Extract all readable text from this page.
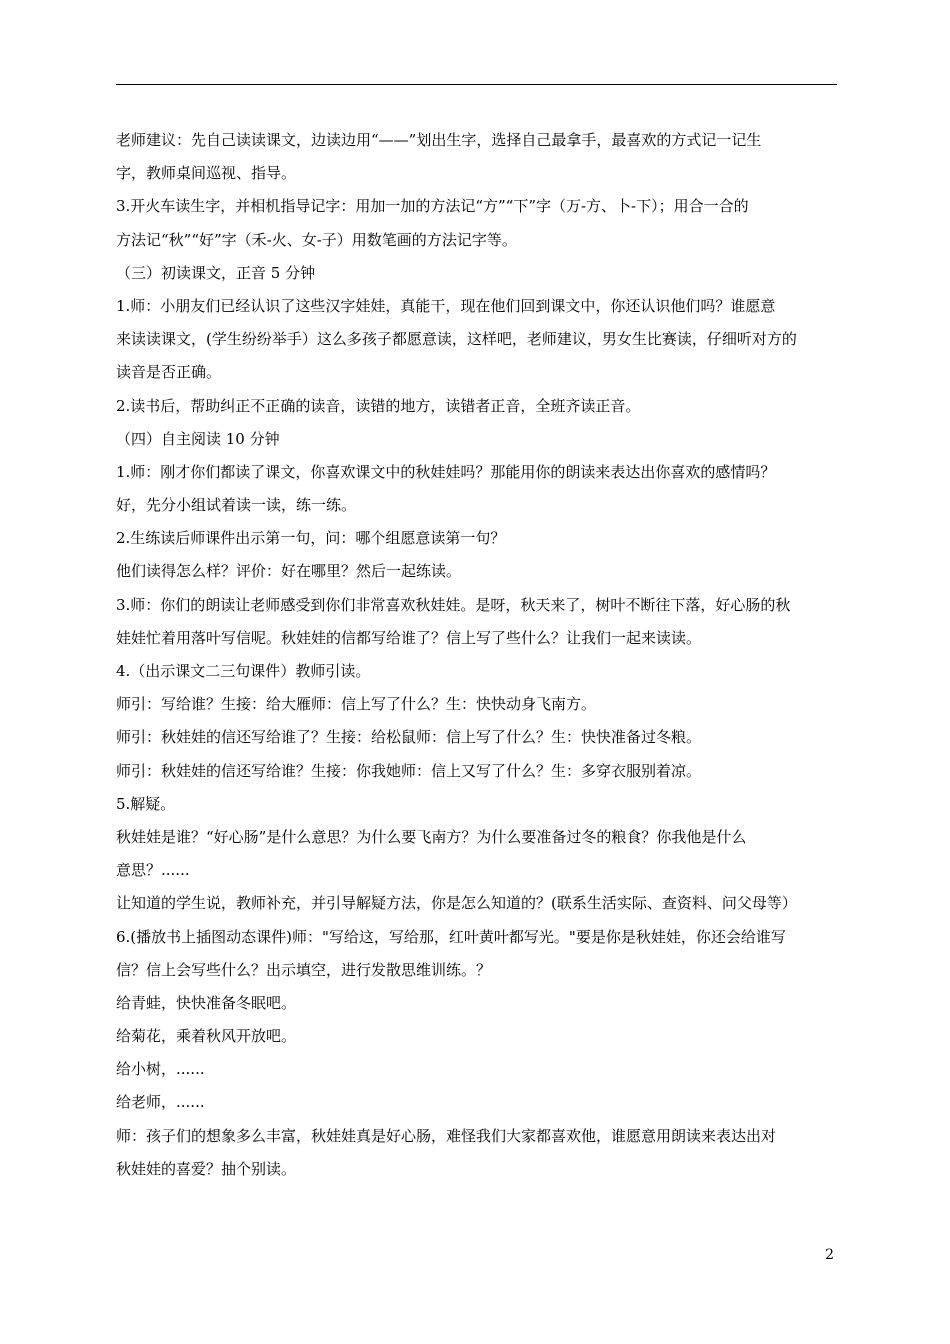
老师建议：先自己读读课文，边读边用“——”划出生字，选择自己最拿手，最喜欢的方式记一记生
字，教师桌间巡视、指导。
3.开火车读生字，并相机指导记字：用加一加的方法记“方”“下”字（万-方、卜-下）；用合一合的
方法记“秋”“好”字（禾-火、女-子）用数笔画的方法记字等。
（三）初读课文，正音 5 分钟
1.师：小朋友们已经认识了这些汉字娃娃，真能干，现在他们回到课文中，你还认识他们吗？谁愿意
来读读课文，(学生纷纷举手）这么多孩子都愿意读，这样吧，老师建议，男女生比赛读，仔细听对方的
读音是否正确。
2.读书后，帮助纠正不正确的读音，读错的地方，读错者正音，全班齐读正音。
（四）自主阅读 10 分钟
1.师：刚才你们都读了课文，你喜欢课文中的秋娃娃吗？那能用你的朗读来表达出你喜欢的感情吗？
好，先分小组试着读一读，练一练。
2.生练读后师课件出示第一句，问：哪个组愿意读第一句？
他们读得怎么样？评价：好在哪里？然后一起练读。
3.师：你们的朗读让老师感受到你们非常喜欢秋娃娃。是呀，秋天来了，树叶不断往下落，好心肠的秋
娃娃忙着用落叶写信呢。秋娃娃的信都写给谁了？信上写了些什么？让我们一起来读读。
4.（出示课文二三句课件）教师引读。
师引：写给谁？生接：给大雁师：信上写了什么？生：快快动身飞南方。
师引：秋娃娃的信还写给谁了？生接：给松鼠师：信上写了什么？生：快快准备过冬粮。
师引：秋娃娃的信还写给谁？生接：你我她师：信上又写了什么？生：多穿衣服别着凉。
5.解疑。
秋娃娃是谁？“好心肠”是什么意思？为什么要飞南方？为什么要准备过冬的粮食？你我他是什么
意思？......
让知道的学生说，教师补充，并引导解疑方法，你是怎么知道的？(联系生活实际、查资料、问父母等）
6.(播放书上插图动态课件)师："写给这，写给那，红叶黄叶都写光。"要是你是秋娃娃，你还会给谁写
信？信上会写些什么？出示填空，进行发散思维训练。？
给青蛙，快快准备冬眠吧。
给菊花，乘着秋风开放吧。
给小树，......
给老师，......
师：孩子们的想象多么丰富，秋娃娃真是好心肠，难怪我们大家都喜欢他，谁愿意用朗读来表达出对
秋娃娃的喜爱？抽个别读。
2
